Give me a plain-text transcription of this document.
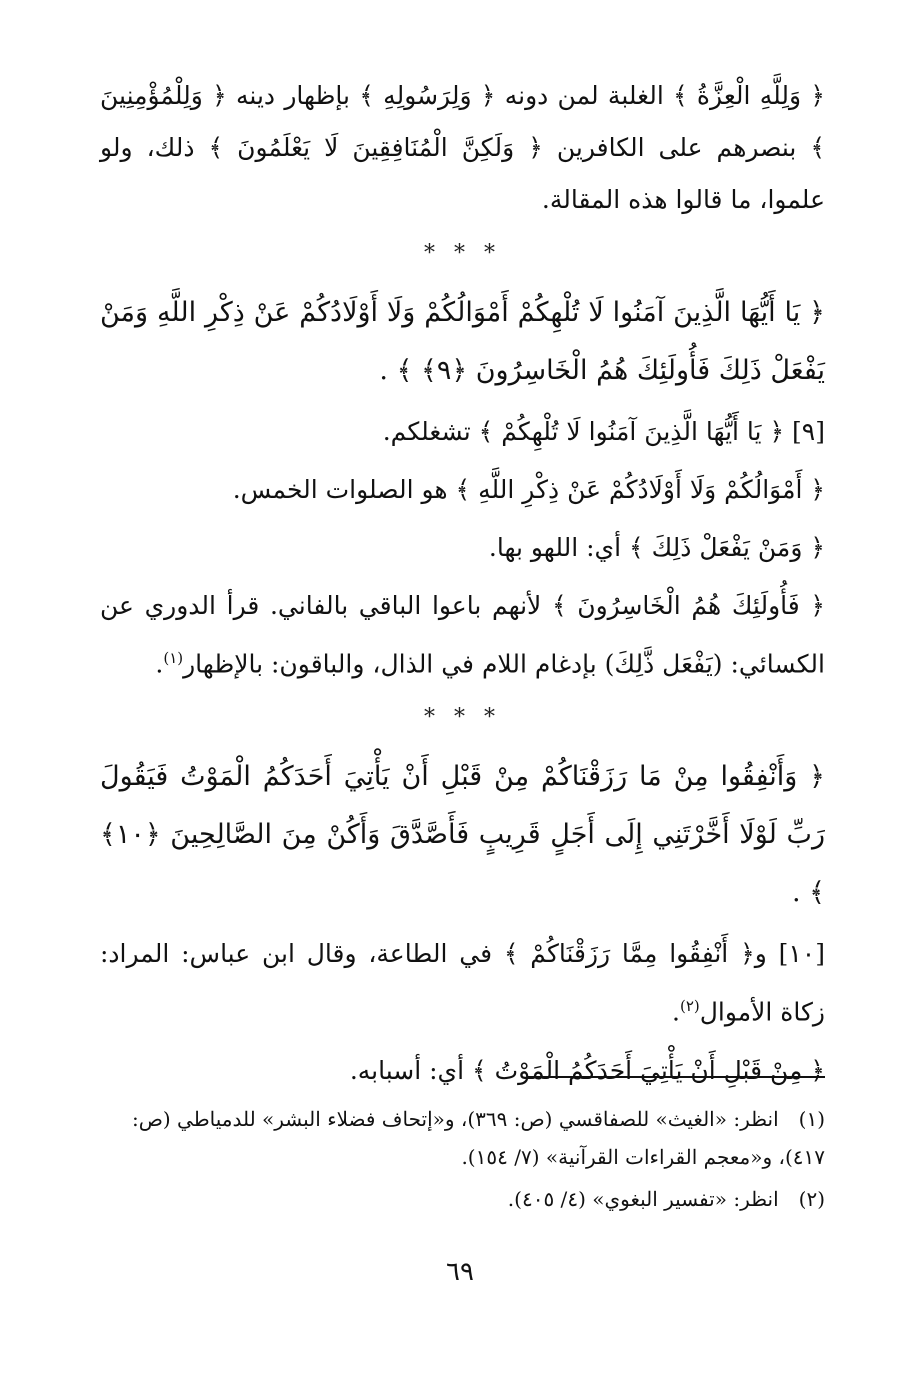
﴿ وَلِلَّهِ الْعِزَّةُ ﴾ الغلبة لمن دونه ﴿ وَلِرَسُولِهِ ﴾ بإظهار دينه ﴿ وَلِلْمُؤْمِنِينَ ﴾ بنصرهم على الكافرين ﴿ وَلَكِنَّ الْمُنَافِقِينَ لَا يَعْلَمُونَ ﴾ ذلك، ولو علموا، ما قالوا هذه المقالة.

* * *

﴿ يَا أَيُّهَا الَّذِينَ آمَنُوا لَا تُلْهِكُمْ أَمْوَالُكُمْ وَلَا أَوْلَادُكُمْ عَنْ ذِكْرِ اللَّهِ وَمَنْ يَفْعَلْ ذَلِكَ فَأُولَئِكَ هُمُ الْخَاسِرُونَ ﴿٩﴾ ﴾ .

[٩] ﴿ يَا أَيُّهَا الَّذِينَ آمَنُوا لَا تُلْهِكُمْ ﴾ تشغلكم.

﴿ أَمْوَالُكُمْ وَلَا أَوْلَادُكُمْ عَنْ ذِكْرِ اللَّهِ ﴾ هو الصلوات الخمس.

﴿ وَمَنْ يَفْعَلْ ذَلِكَ ﴾ أي: اللهو بها.

﴿ فَأُولَئِكَ هُمُ الْخَاسِرُونَ ﴾ لأنهم باعوا الباقي بالفاني. قرأ الدوري عن الكسائي: (يَفْعَل ذَّلِكَ) بإدغام اللام في الذال، والباقون: بالإظهار$^{(١)}$.

* * *

﴿ وَأَنْفِقُوا مِنْ مَا رَزَقْنَاكُمْ مِنْ قَبْلِ أَنْ يَأْتِيَ أَحَدَكُمُ الْمَوْتُ فَيَقُولَ رَبِّ لَوْلَا أَخَّرْتَنِي إِلَى أَجَلٍ قَرِيبٍ فَأَصَّدَّقَ وَأَكُنْ مِنَ الصَّالِحِينَ ﴿١٠﴾ ﴾ .

[١٠] و﴿ أَنْفِقُوا مِمَّا رَزَقْنَاكُمْ ﴾ في الطاعة، وقال ابن عباس: المراد: زكاة الأموال$^{(٢)}$.

﴿ مِنْ قَبْلِ أَنْ يَأْتِيَ أَحَدَكُمُ الْمَوْتُ ﴾ أي: أسبابه.

(١) انظر: «الغيث» للصفاقسي (ص: ٣٦٩)، و«إتحاف فضلاء البشر» للدمياطي (ص: ٤١٧)، و«معجم القراءات القرآنية» (٧/ ١٥٤).

(٢) انظر: «تفسير البغوي» (٤/ ٤٠٥).

٦٩
